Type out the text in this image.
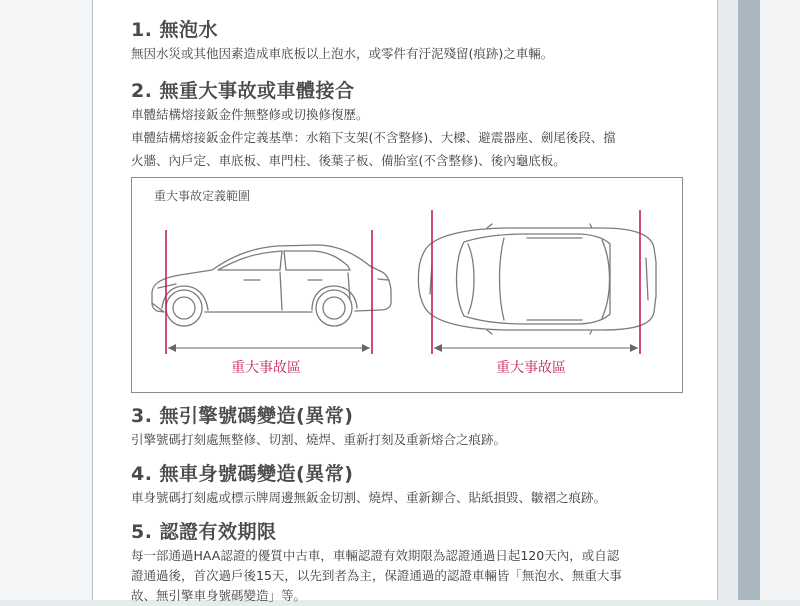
1. 無泡水

無因水災或其他因素造成車底板以上泡水，或零件有汙泥殘留(痕跡)之車輛。

2. 無重大事故或車體接合

車體結構熔接鈑金件無整修或切換修復歷。

車體結構熔接鈑金件定義基準：水箱下支架(不含整修)、大樑、避震器座、劍尾後段、擋

火牆、內戶定、車底板、車門柱、後葉子板、備胎室(不含整修)、後內龜底板。

重大事故定義範圍
重大事故區	重大事故區
3. 無引擎號碼變造(異常)

引擎號碼打刻處無整修、切割、燒焊、重新打刻及重新熔合之痕跡。

4. 無車身號碼變造(異常)

車身號碼打刻處或標示牌周邊無鈑金切割、燒焊、重新鉚合、貼紙損毀、皺褶之痕跡。

5. 認證有效期限

每一部通過HAA認證的優質中古車，車輛認證有效期限為認證通過日起120天內，或自認

證通過後，首次過戶後15天，以先到者為主，保證通過的認證車輛皆「無泡水、無重大事

故、無引擎車身號碼變造」等。
